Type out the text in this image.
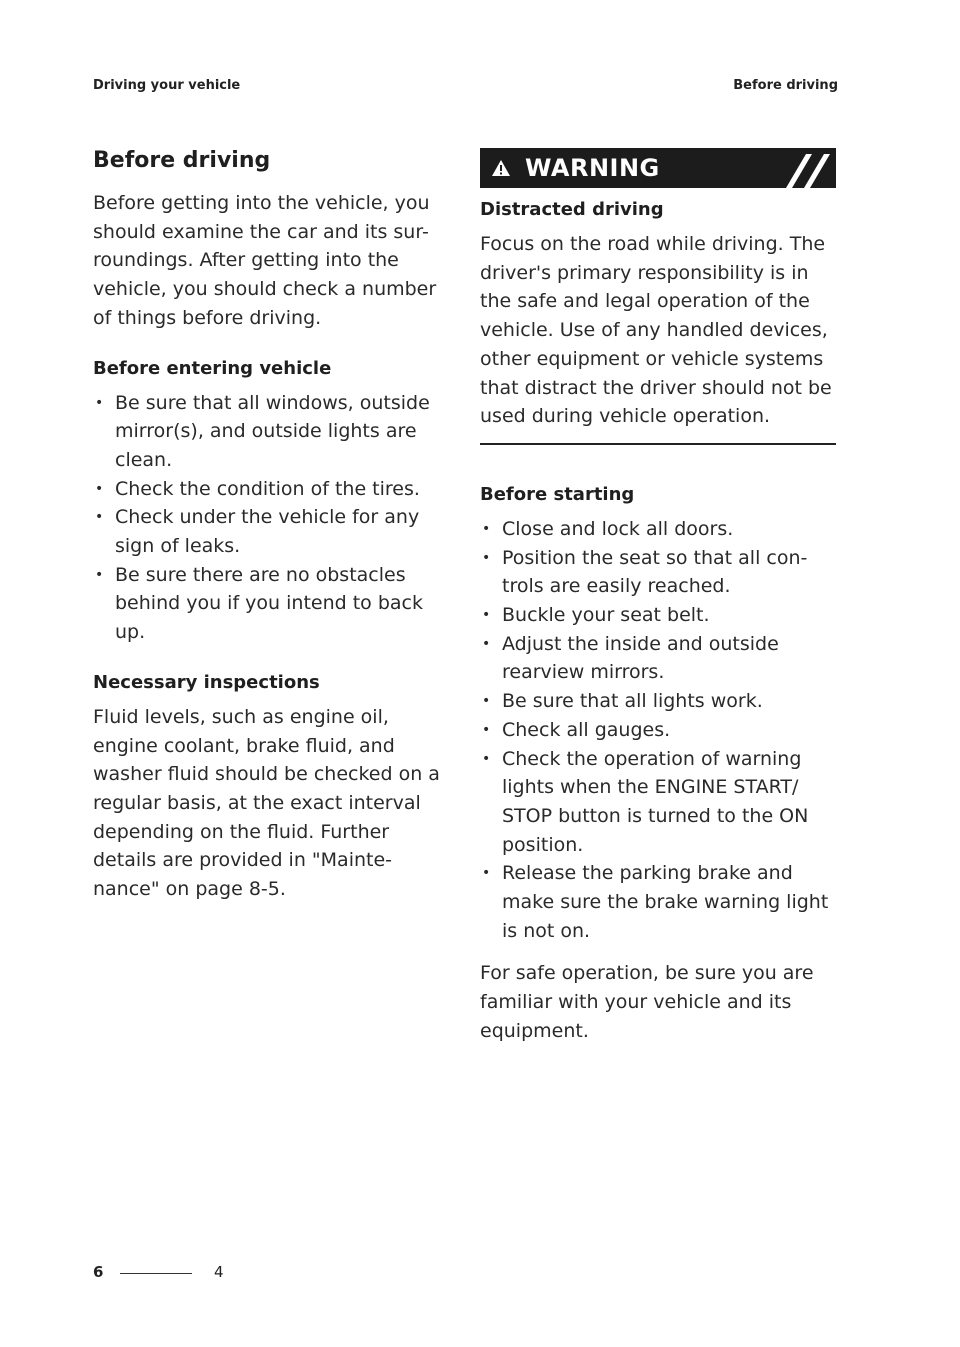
Driving your vehicle	Before driving
Before driving

Before getting into the vehicle, you should examine the car and its sur-roundings. After getting into the vehicle, you should check a number of things before driving.

Before entering vehicle
• Be sure that all windows, outside mirror(s), and outside lights are clean.
• Check the condition of the tires.
• Check under the vehicle for any sign of leaks.
• Be sure there are no obstacles behind you if you intend to back up.
Necessary inspections

Fluid levels, such as engine oil, engine coolant, brake fluid, and washer fluid should be checked on a regular basis, at the exact interval depending on the fluid. Further details are provided in "Mainte-nance" on page 8-5.

WARNING
Distracted driving

Focus on the road while driving. The driver's primary responsibility is in the safe and legal operation of the vehicle. Use of any handled devices, other equipment or vehicle systems that distract the driver should not be used during vehicle operation.

Before starting
• Close and lock all doors.
• Position the seat so that all con-trols are easily reached.
• Buckle your seat belt.
• Adjust the inside and outside rearview mirrors.
• Be sure that all lights work.
• Check all gauges.
• Check the operation of warning lights when the ENGINE START/ STOP button is turned to the ON position.
• Release the parking brake and make sure the brake warning light is not on.

For safe operation, be sure you are familiar with your vehicle and its equipment.

6	4
